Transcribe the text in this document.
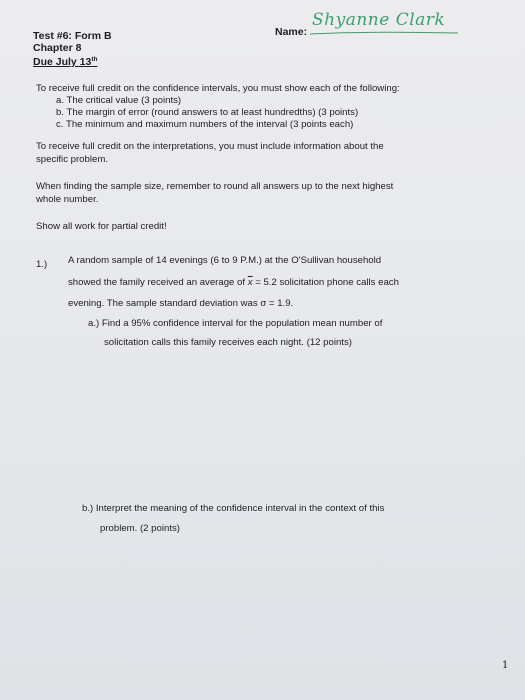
Test #6: Form B
Chapter 8
Due July 13th
Name:
Shyanne Clark
To receive full credit on the confidence intervals, you must show each of the following:
a. The critical value (3 points)
b. The margin of error (round answers to at least hundredths) (3 points)
c. The minimum and maximum numbers of the interval (3 points each)
To receive full credit on the interpretations, you must include information about the
specific problem.
When finding the sample size, remember to round all answers up to the next highest
whole number.
Show all work for partial credit!
1.) A random sample of 14 evenings (6 to 9 P.M.) at the O'Sullivan household
showed the family received an average of $\overline{x} = 5.2$ solicitation phone calls each
evening. The sample standard deviation was σ = 1.9.
a.) Find a 95% confidence interval for the population mean number of
solicitation calls this family receives each night. (12 points)
b.) Interpret the meaning of the confidence interval in the context of this
problem. (2 points)
1
